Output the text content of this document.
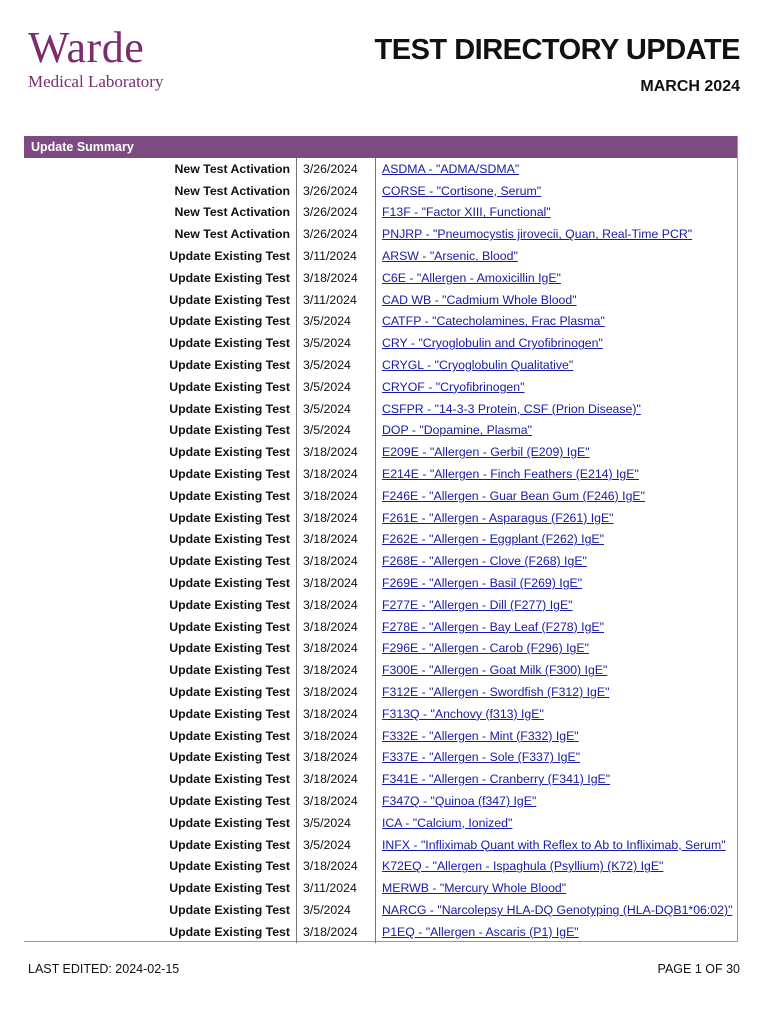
Warde
Medical Laboratory
TEST DIRECTORY UPDATE
MARCH 2024
Update Summary
New Test Activation	3/26/2024	ASDMA - "ADMA/SDMA"
New Test Activation	3/26/2024	CORSE - "Cortisone, Serum"
New Test Activation	3/26/2024	F13F - "Factor XIII, Functional"
New Test Activation	3/26/2024	PNJRP - "Pneumocystis jirovecii, Quan, Real-Time PCR"
Update Existing Test	3/11/2024	ARSW - "Arsenic, Blood"
Update Existing Test	3/18/2024	C6E - "Allergen - Amoxicillin IgE"
Update Existing Test	3/11/2024	CAD WB - "Cadmium Whole Blood"
Update Existing Test	3/5/2024	CATFP - "Catecholamines, Frac Plasma"
Update Existing Test	3/5/2024	CRY - "Cryoglobulin and Cryofibrinogen"
Update Existing Test	3/5/2024	CRYGL - "Cryoglobulin Qualitative"
Update Existing Test	3/5/2024	CRYOF - "Cryofibrinogen"
Update Existing Test	3/5/2024	CSFPR - "14-3-3 Protein, CSF (Prion Disease)"
Update Existing Test	3/5/2024	DOP - "Dopamine, Plasma"
Update Existing Test	3/18/2024	E209E - "Allergen - Gerbil (E209) IgE"
Update Existing Test	3/18/2024	E214E - "Allergen - Finch Feathers (E214) IgE"
Update Existing Test	3/18/2024	F246E - "Allergen - Guar Bean Gum (F246) IgE"
Update Existing Test	3/18/2024	F261E - "Allergen - Asparagus (F261) IgE"
Update Existing Test	3/18/2024	F262E - "Allergen - Eggplant (F262) IgE"
Update Existing Test	3/18/2024	F268E - "Allergen - Clove (F268) IgE"
Update Existing Test	3/18/2024	F269E - "Allergen - Basil (F269) IgE"
Update Existing Test	3/18/2024	F277E - "Allergen - Dill (F277) IgE"
Update Existing Test	3/18/2024	F278E - "Allergen - Bay Leaf (F278) IgE"
Update Existing Test	3/18/2024	F296E - "Allergen - Carob (F296) IgE"
Update Existing Test	3/18/2024	F300E - "Allergen - Goat Milk (F300) IgE"
Update Existing Test	3/18/2024	F312E - "Allergen - Swordfish (F312) IgE"
Update Existing Test	3/18/2024	F313Q - "Anchovy (f313) IgE"
Update Existing Test	3/18/2024	F332E - "Allergen - Mint (F332) IgE"
Update Existing Test	3/18/2024	F337E - "Allergen - Sole (F337) IgE"
Update Existing Test	3/18/2024	F341E - "Allergen - Cranberry (F341) IgE"
Update Existing Test	3/18/2024	F347Q - "Quinoa (f347) IgE"
Update Existing Test	3/5/2024	ICA - "Calcium, Ionized"
Update Existing Test	3/5/2024	INFX - "Infliximab Quant with Reflex to Ab to Infliximab, Serum"
Update Existing Test	3/18/2024	K72EQ - "Allergen - Ispaghula (Psyllium) (K72) IgE"
Update Existing Test	3/11/2024	MERWB - "Mercury Whole Blood"
Update Existing Test	3/5/2024	NARCG - "Narcolepsy HLA-DQ Genotyping (HLA-DQB1*06:02)"
Update Existing Test	3/18/2024	P1EQ - "Allergen - Ascaris (P1) IgE"
LAST EDITED: 2024-02-15	PAGE 1 OF 30
